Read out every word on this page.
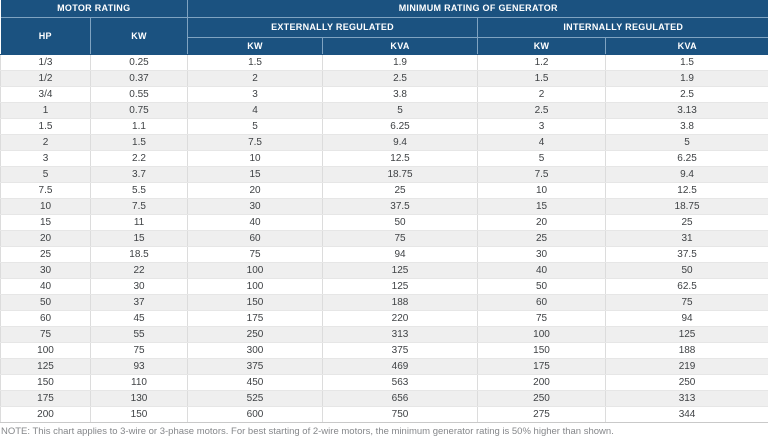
MOTOR RATING		MINIMUM RATING OF GENERATOR			
HP	KW	EXTERNALLY REGULATED		INTERNALLY REGULATED	
		KW	KVA	KW	KVA
1/3	0.25	1.5	1.9	1.2	1.5
1/2	0.37	2	2.5	1.5	1.9
3/4	0.55	3	3.8	2	2.5
1	0.75	4	5	2.5	3.13
1.5	1.1	5	6.25	3	3.8
2	1.5	7.5	9.4	4	5
3	2.2	10	12.5	5	6.25
5	3.7	15	18.75	7.5	9.4
7.5	5.5	20	25	10	12.5
10	7.5	30	37.5	15	18.75
15	11	40	50	20	25
20	15	60	75	25	31
25	18.5	75	94	30	37.5
30	22	100	125	40	50
40	30	100	125	50	62.5
50	37	150	188	60	75
60	45	175	220	75	94
75	55	250	313	100	125
100	75	300	375	150	188
125	93	375	469	175	219
150	110	450	563	200	250
175	130	525	656	250	313
200	150	600	750	275	344
NOTE: This chart applies to 3-wire or 3-phase motors. For best starting of 2-wire motors, the minimum generator rating is 50% higher than shown.
